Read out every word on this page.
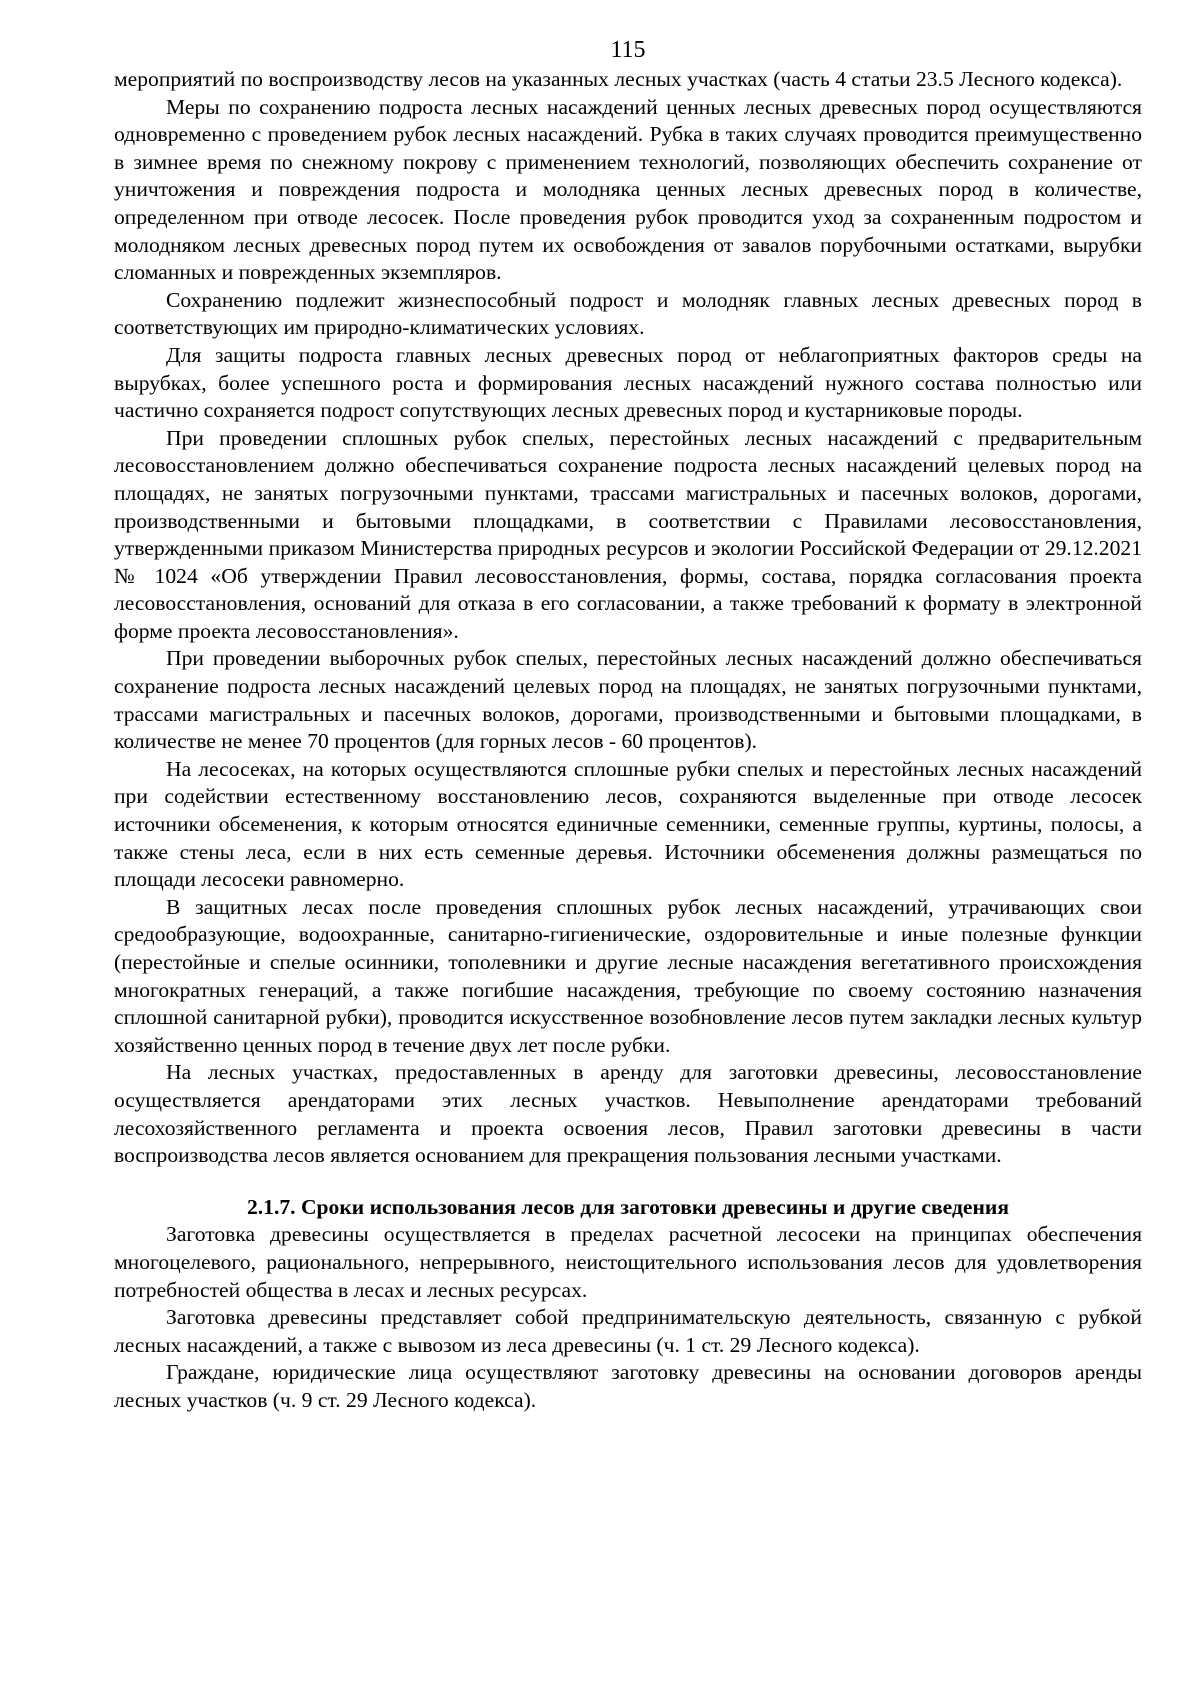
115

мероприятий по воспроизводству лесов на указанных лесных участках (часть 4 статьи 23.5 Лесного кодекса).

Меры по сохранению подроста лесных насаждений ценных лесных древесных пород осуществляются одновременно с проведением рубок лесных насаждений. Рубка в таких случаях проводится преимущественно в зимнее время по снежному покрову с применением технологий, позволяющих обеспечить сохранение от уничтожения и повреждения подроста и молодняка ценных лесных древесных пород в количестве, определенном при отводе лесосек. После проведения рубок проводится уход за сохраненным подростом и молодняком лесных древесных пород путем их освобождения от завалов порубочными остатками, вырубки сломанных и поврежденных экземпляров.

Сохранению подлежит жизнеспособный подрост и молодняк главных лесных древесных пород в соответствующих им природно-климатических условиях.

Для защиты подроста главных лесных древесных пород от неблагоприятных факторов среды на вырубках, более успешного роста и формирования лесных насаждений нужного состава полностью или частично сохраняется подрост сопутствующих лесных древесных пород и кустарниковые породы.

При проведении сплошных рубок спелых, перестойных лесных насаждений с предварительным лесовосстановлением должно обеспечиваться сохранение подроста лесных насаждений целевых пород на площадях, не занятых погрузочными пунктами, трассами магистральных и пасечных волоков, дорогами, производственными и бытовыми площадками, в соответствии с Правилами лесовосстановления, утвержденными приказом Министерства природных ресурсов и экологии Российской Федерации от 29.12.2021 № 1024 «Об утверждении Правил лесовосстановления, формы, состава, порядка согласования проекта лесовосстановления, оснований для отказа в его согласовании, а также требований к формату в электронной форме проекта лесовосстановления».

При проведении выборочных рубок спелых, перестойных лесных насаждений должно обеспечиваться сохранение подроста лесных насаждений целевых пород на площадях, не занятых погрузочными пунктами, трассами магистральных и пасечных волоков, дорогами, производственными и бытовыми площадками, в количестве не менее 70 процентов (для горных лесов - 60 процентов).

На лесосеках, на которых осуществляются сплошные рубки спелых и перестойных лесных насаждений при содействии естественному восстановлению лесов, сохраняются выделенные при отводе лесосек источники обсеменения, к которым относятся единичные семенники, семенные группы, куртины, полосы, а также стены леса, если в них есть семенные деревья. Источники обсеменения должны размещаться по площади лесосеки равномерно.

В защитных лесах после проведения сплошных рубок лесных насаждений, утрачивающих свои средообразующие, водоохранные, санитарно-гигиенические, оздоровительные и иные полезные функции (перестойные и спелые осинники, тополевники и другие лесные насаждения вегетативного происхождения многократных генераций, а также погибшие насаждения, требующие по своему состоянию назначения сплошной санитарной рубки), проводится искусственное возобновление лесов путем закладки лесных культур хозяйственно ценных пород в течение двух лет после рубки.

На лесных участках, предоставленных в аренду для заготовки древесины, лесовосстановление осуществляется арендаторами этих лесных участков. Невыполнение арендаторами требований лесохозяйственного регламента и проекта освоения лесов, Правил заготовки древесины в части воспроизводства лесов является основанием для прекращения пользования лесными участками.

2.1.7. Сроки использования лесов для заготовки древесины и другие сведения

Заготовка древесины осуществляется в пределах расчетной лесосеки на принципах обеспечения многоцелевого, рационального, непрерывного, неистощительного использования лесов для удовлетворения потребностей общества в лесах и лесных ресурсах.

Заготовка древесины представляет собой предпринимательскую деятельность, связанную с рубкой лесных насаждений, а также с вывозом из леса древесины (ч. 1 ст. 29 Лесного кодекса).

Граждане, юридические лица осуществляют заготовку древесины на основании договоров аренды лесных участков (ч. 9 ст. 29 Лесного кодекса).
